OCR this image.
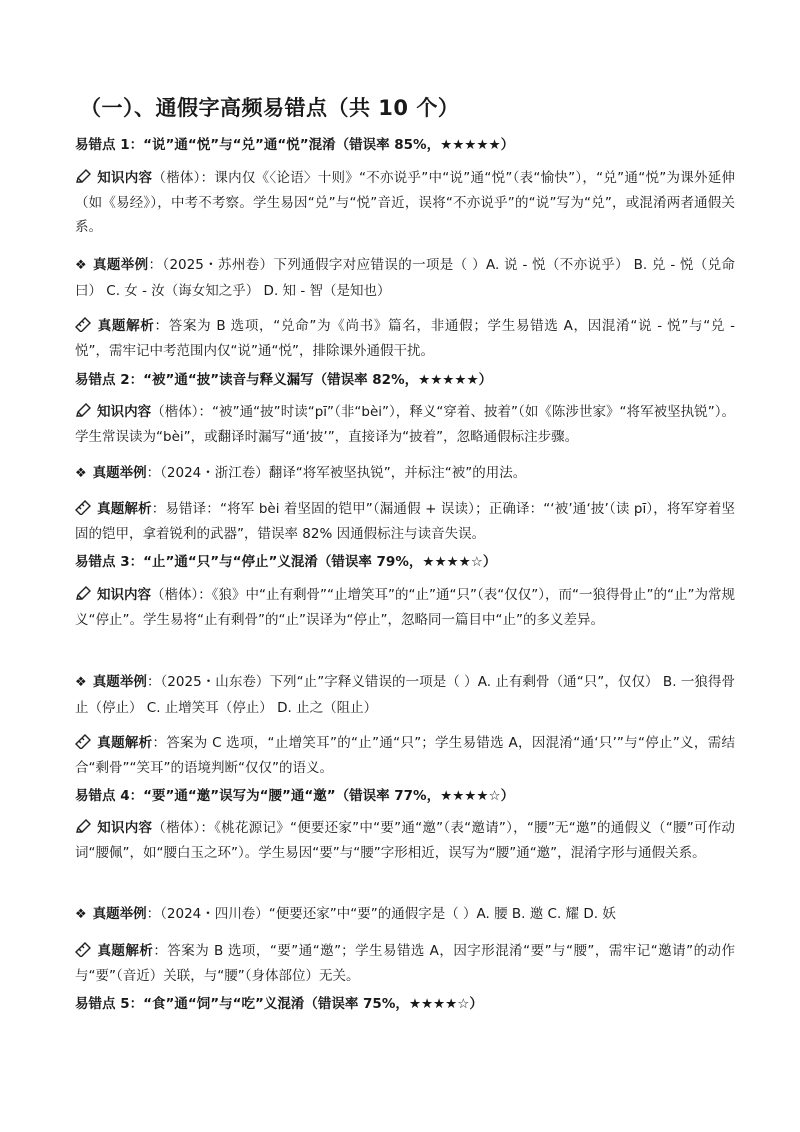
（一）、通假字高频易错点（共 10 个）

易错点 1：“说”通“悦”与“兑”通“悦”混淆（错误率 85%，★★★★★）

知识内容（楷体）：课内仅《〈论语〉十则》“不亦说乎”中“说”通“悦”（表“愉快”），“兑”通“悦”为课外延伸（如《易经》），中考不考察。学生易因“兑”与“悦”音近，误将“不亦说乎”的“说”写为“兑”，或混淆两者通假关系。

❖ 真题举例：（2025・苏州卷）下列通假字对应错误的一项是（ ）A. 说 - 悦（不亦说乎） B. 兑 - 悦（兑命曰） C. 女 - 汝（诲女知之乎） D. 知 - 智（是知也）

真题解析：答案为 B 选项，“兑命”为《尚书》篇名，非通假；学生易错选 A，因混淆“说 - 悦”与“兑 - 悦”，需牢记中考范围内仅“说”通“悦”，排除课外通假干扰。

易错点 2：“被”通“披”读音与释义漏写（错误率 82%，★★★★★）

知识内容（楷体）：“被”通“披”时读“pī”（非“bèi”），释义“穿着、披着”（如《陈涉世家》“将军被坚执锐”）。学生常误读为“bèi”，或翻译时漏写“通‘披’”，直接译为“披着”，忽略通假标注步骤。

❖ 真题举例：（2024・浙江卷）翻译“将军被坚执锐”，并标注“被”的用法。

真题解析：易错译：“将军 bèi 着坚固的铠甲”（漏通假 + 误读）；正确译：“‘被’通‘披’（读 pī），将军穿着坚固的铠甲，拿着锐利的武器”，错误率 82% 因通假标注与读音失误。

易错点 3：“止”通“只”与“停止”义混淆（错误率 79%，★★★★☆）

知识内容（楷体）：《狼》中“止有剩骨”“止增笑耳”的“止”通“只”（表“仅仅”），而“一狼得骨止”的“止”为常规义“停止”。学生易将“止有剩骨”的“止”误译为“停止”，忽略同一篇目中“止”的多义差异。

❖ 真题举例：（2025・山东卷）下列“止”字释义错误的一项是（ ）A. 止有剩骨（通“只”，仅仅） B. 一狼得骨止（停止） C. 止增笑耳（停止） D. 止之（阻止）

真题解析：答案为 C 选项，“止增笑耳”的“止”通“只”；学生易错选 A，因混淆“通‘只’”与“停止”义，需结合“剩骨”“笑耳”的语境判断“仅仅”的语义。

易错点 4：“要”通“邀”误写为“腰”通“邀”（错误率 77%，★★★★☆）

知识内容（楷体）：《桃花源记》“便要还家”中“要”通“邀”（表“邀请”），“腰”无“邀”的通假义（“腰”可作动词“腰佩”，如“腰白玉之环”）。学生易因“要”与“腰”字形相近，误写为“腰”通“邀”，混淆字形与通假关系。

❖ 真题举例：（2024・四川卷）“便要还家”中“要”的通假字是（ ）A. 腰 B. 邀 C. 耀 D. 妖

真题解析：答案为 B 选项，“要”通“邀”；学生易错选 A，因字形混淆“要”与“腰”，需牢记“邀请”的动作与“要”（音近）关联，与“腰”（身体部位）无关。

易错点 5：“食”通“饲”与“吃”义混淆（错误率 75%，★★★★☆）
